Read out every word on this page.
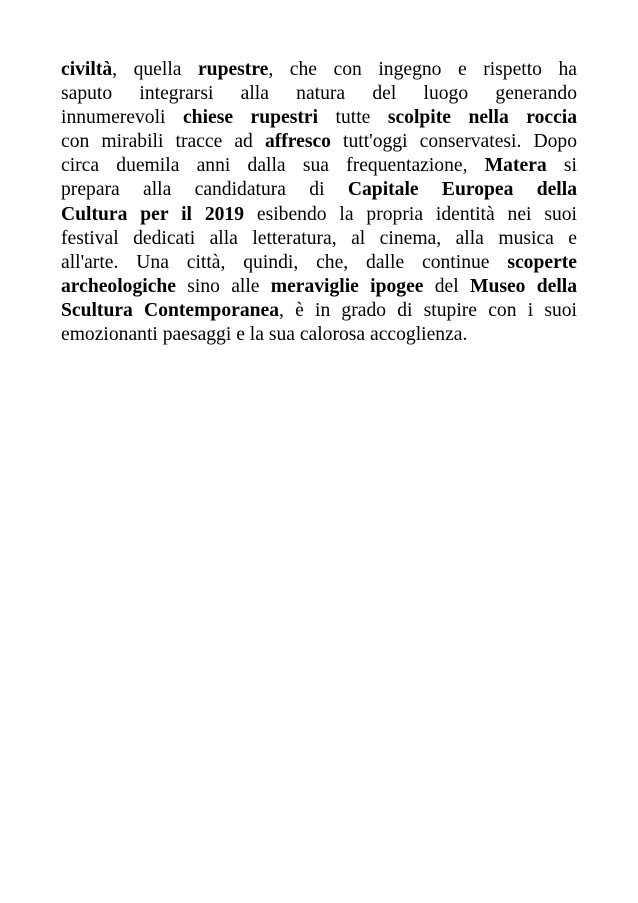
civiltà, quella rupestre, che con ingegno e rispetto ha
saputo integrarsi alla natura del luogo generando
innumerevoli chiese rupestri tutte scolpite nella roccia
con mirabili tracce ad affresco tutt'oggi conservatesi. Dopo
circa duemila anni dalla sua frequentazione, Matera si
prepara alla candidatura di Capitale Europea della
Cultura per il 2019 esibendo la propria identità nei suoi
festival dedicati alla letteratura, al cinema, alla musica e
all'arte. Una città, quindi, che, dalle continue scoperte
archeologiche sino alle meraviglie ipogee del Museo della
Scultura Contemporanea, è in grado di stupire con i suoi
emozionanti paesaggi e la sua calorosa accoglienza.
